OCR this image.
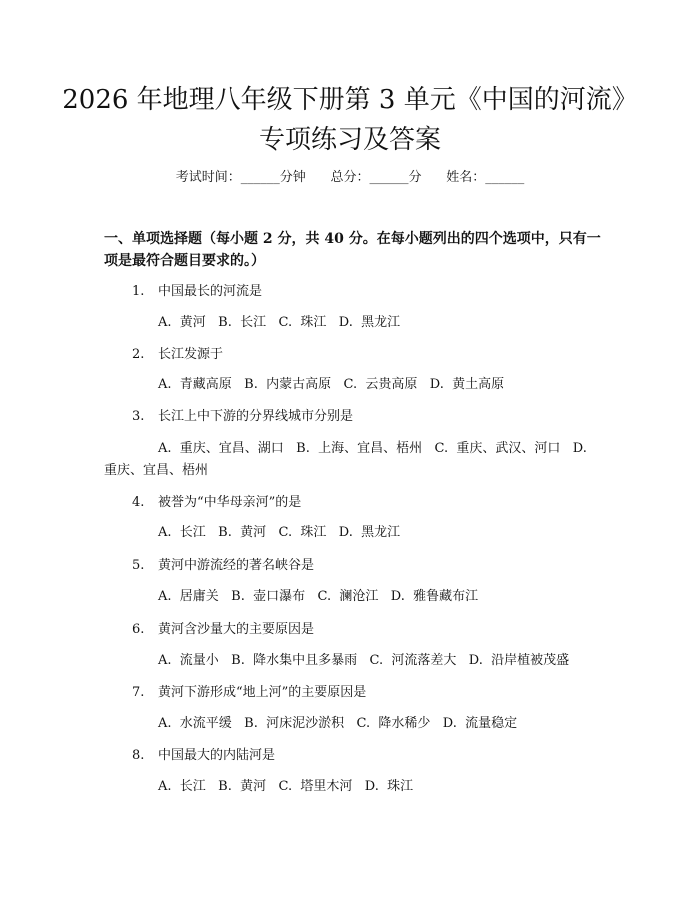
2026 年地理八年级下册第 3 单元《中国的河流》专项练习及答案
考试时间：______分钟      总分：______分      姓名：______
一、单项选择题（每小题 2 分，共 40 分。在每小题列出的四个选项中，只有一项是最符合题目要求的。）
1. 中国最长的河流是
A.  黄河   B.  长江   C.  珠江   D.  黑龙江
2. 长江发源于
A.  青藏高原   B.  内蒙古高原   C.  云贵高原   D.  黄土高原
3. 长江上中下游的分界线城市分别是
A.  重庆、宜昌、湖口   B.  上海、宜昌、梧州   C.  重庆、武汉、河口   D.  重庆、宜昌、梧州
4. 被誉为“中华母亲河”的是
A.  长江   B.  黄河   C.  珠江   D.  黑龙江
5. 黄河中游流经的著名峡谷是
A.  居庸关   B.  壶口瀑布   C.  澜沧江   D.  雅鲁藏布江
6. 黄河含沙量大的主要原因是
A.  流量小   B.  降水集中且多暴雨   C.  河流落差大   D.  沿岸植被茂盛
7. 黄河下游形成“地上河”的主要原因是
A.  水流平缓   B.  河床泥沙淤积   C.  降水稀少   D.  流量稳定
8. 中国最大的内陆河是
A.  长江   B.  黄河   C.  塔里木河   D.  珠江
